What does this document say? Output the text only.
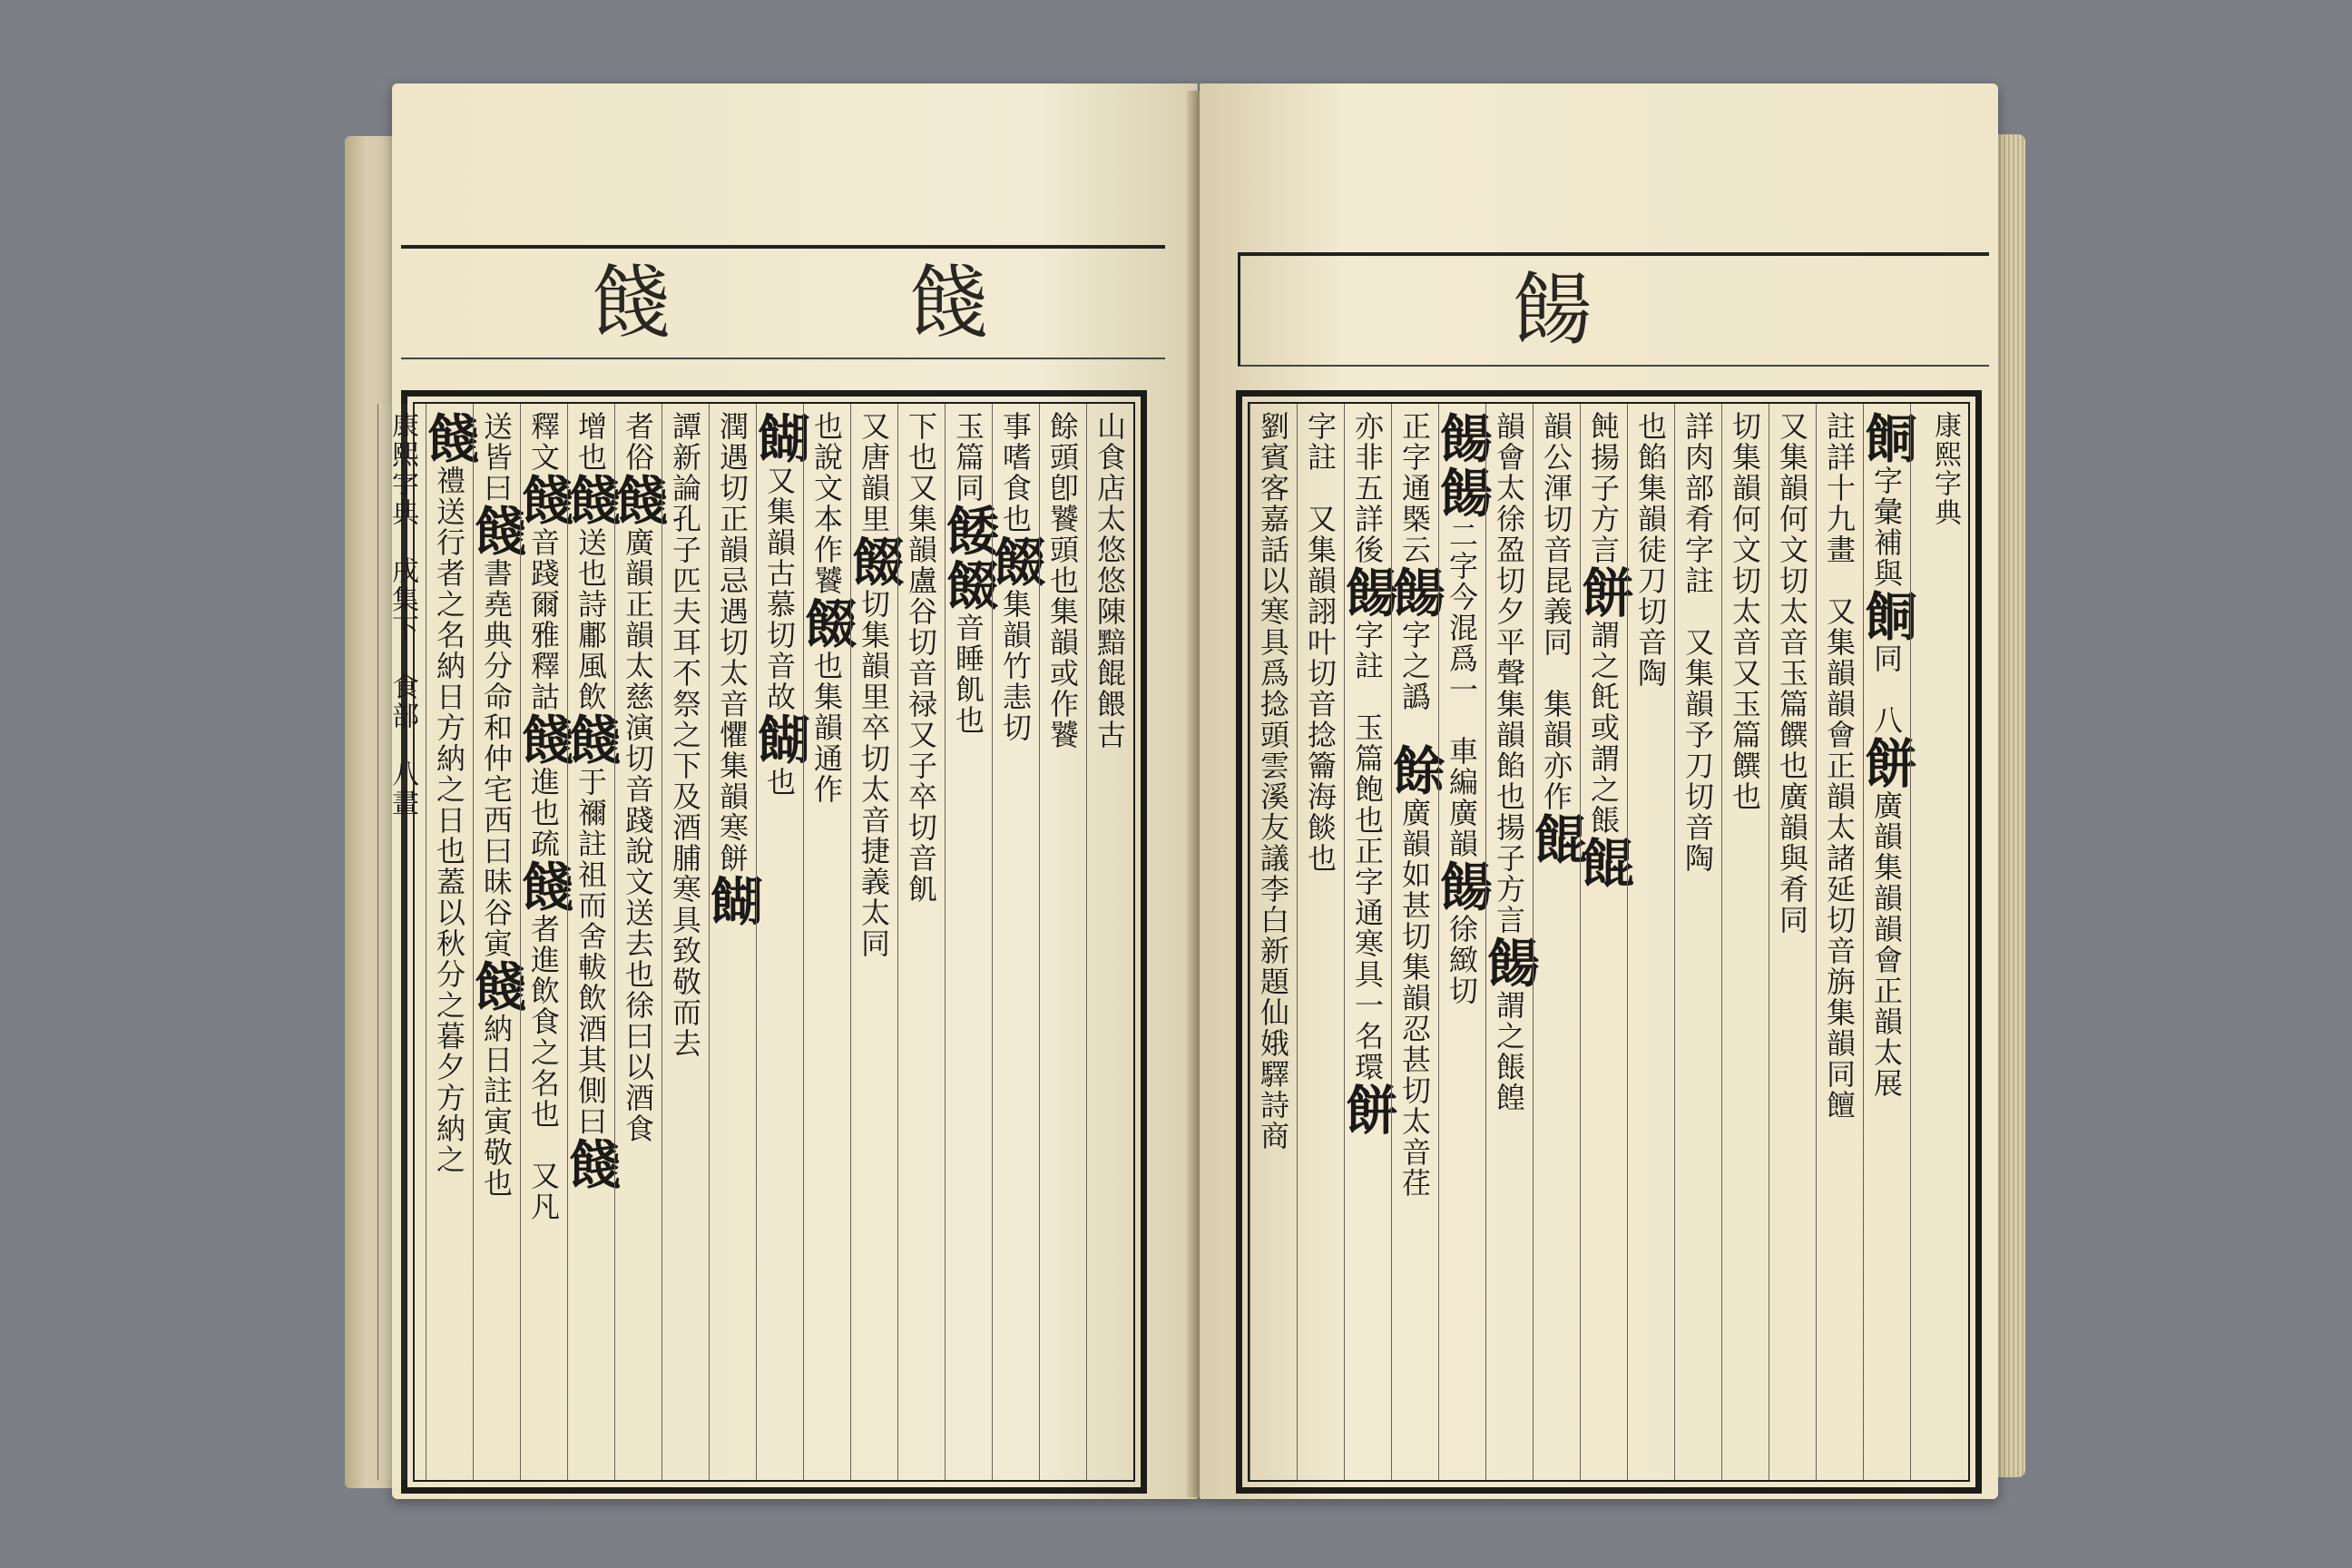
餞	餞
山食店太悠悠陳黯餛餵古
餘頭卽饕頭也集韻或作饕
事嗜食也餟集韻竹恚切
玉篇同餧餟音睡飢也
下也又集韻盧谷切音禄又子卒切音飢
又唐韻里餟切集韻里卒切太音捷義太同
也說文本作饕餟也集韻通作
餬又集韻古慕切音故餬也
潤遇切正韻忌遇切太音懼集韻寒餅餬
譚新論孔子匹夫耳不祭之下及酒脯寒具致敬而去
者俗餞廣韻正韻太慈演切音踐說文送去也徐曰以酒食
增也餞送也詩鄘風飲餞于禰註祖而舍軷飲酒其側曰餞
釋文餞音踐爾雅釋詁餞進也疏餞者進飲食之名也　又凡
送皆曰餞書堯典分命和仲宅西曰昧谷寅餞納日註寅敬也
餞禮送行者之名納日方納之日也蓋以秋分之暮夕方納之
康熙字典　戌集下　食部　八畫　
餳
康熙字典
餇字彙補與餇同　八餅廣韻集韻韻會正韻太展
註詳十九畫　又集韻韻會正韻太諸延切音旃集韻同饘
又集韻何文切太音玉篇饌也廣韻與肴同
切集韻何文切太音又玉篇饌也
詳肉部肴字註　又集韻予刀切音陶
也餡集韻徒刀切音陶
飩揚子方言餅謂之飥或謂之餦餛
韻公渾切音昆義同　集韻亦作餛
韻會太徐盈切夕平聲集韻餡也揚子方言餳謂之餦餭
餳餳二字今混爲一　車編廣韻餳徐緻切
正字通槩云餳字之譌　餘廣韻如甚切集韻忍甚切太音荏
亦非五詳後餳字註　玉篇飽也正字通寒具一名環餅
字註　又集韻詡叶切音捻籥海餤也
劉賓客嘉話以寒具爲捻頭雲溪友議李白新題仙娥驛詩商
